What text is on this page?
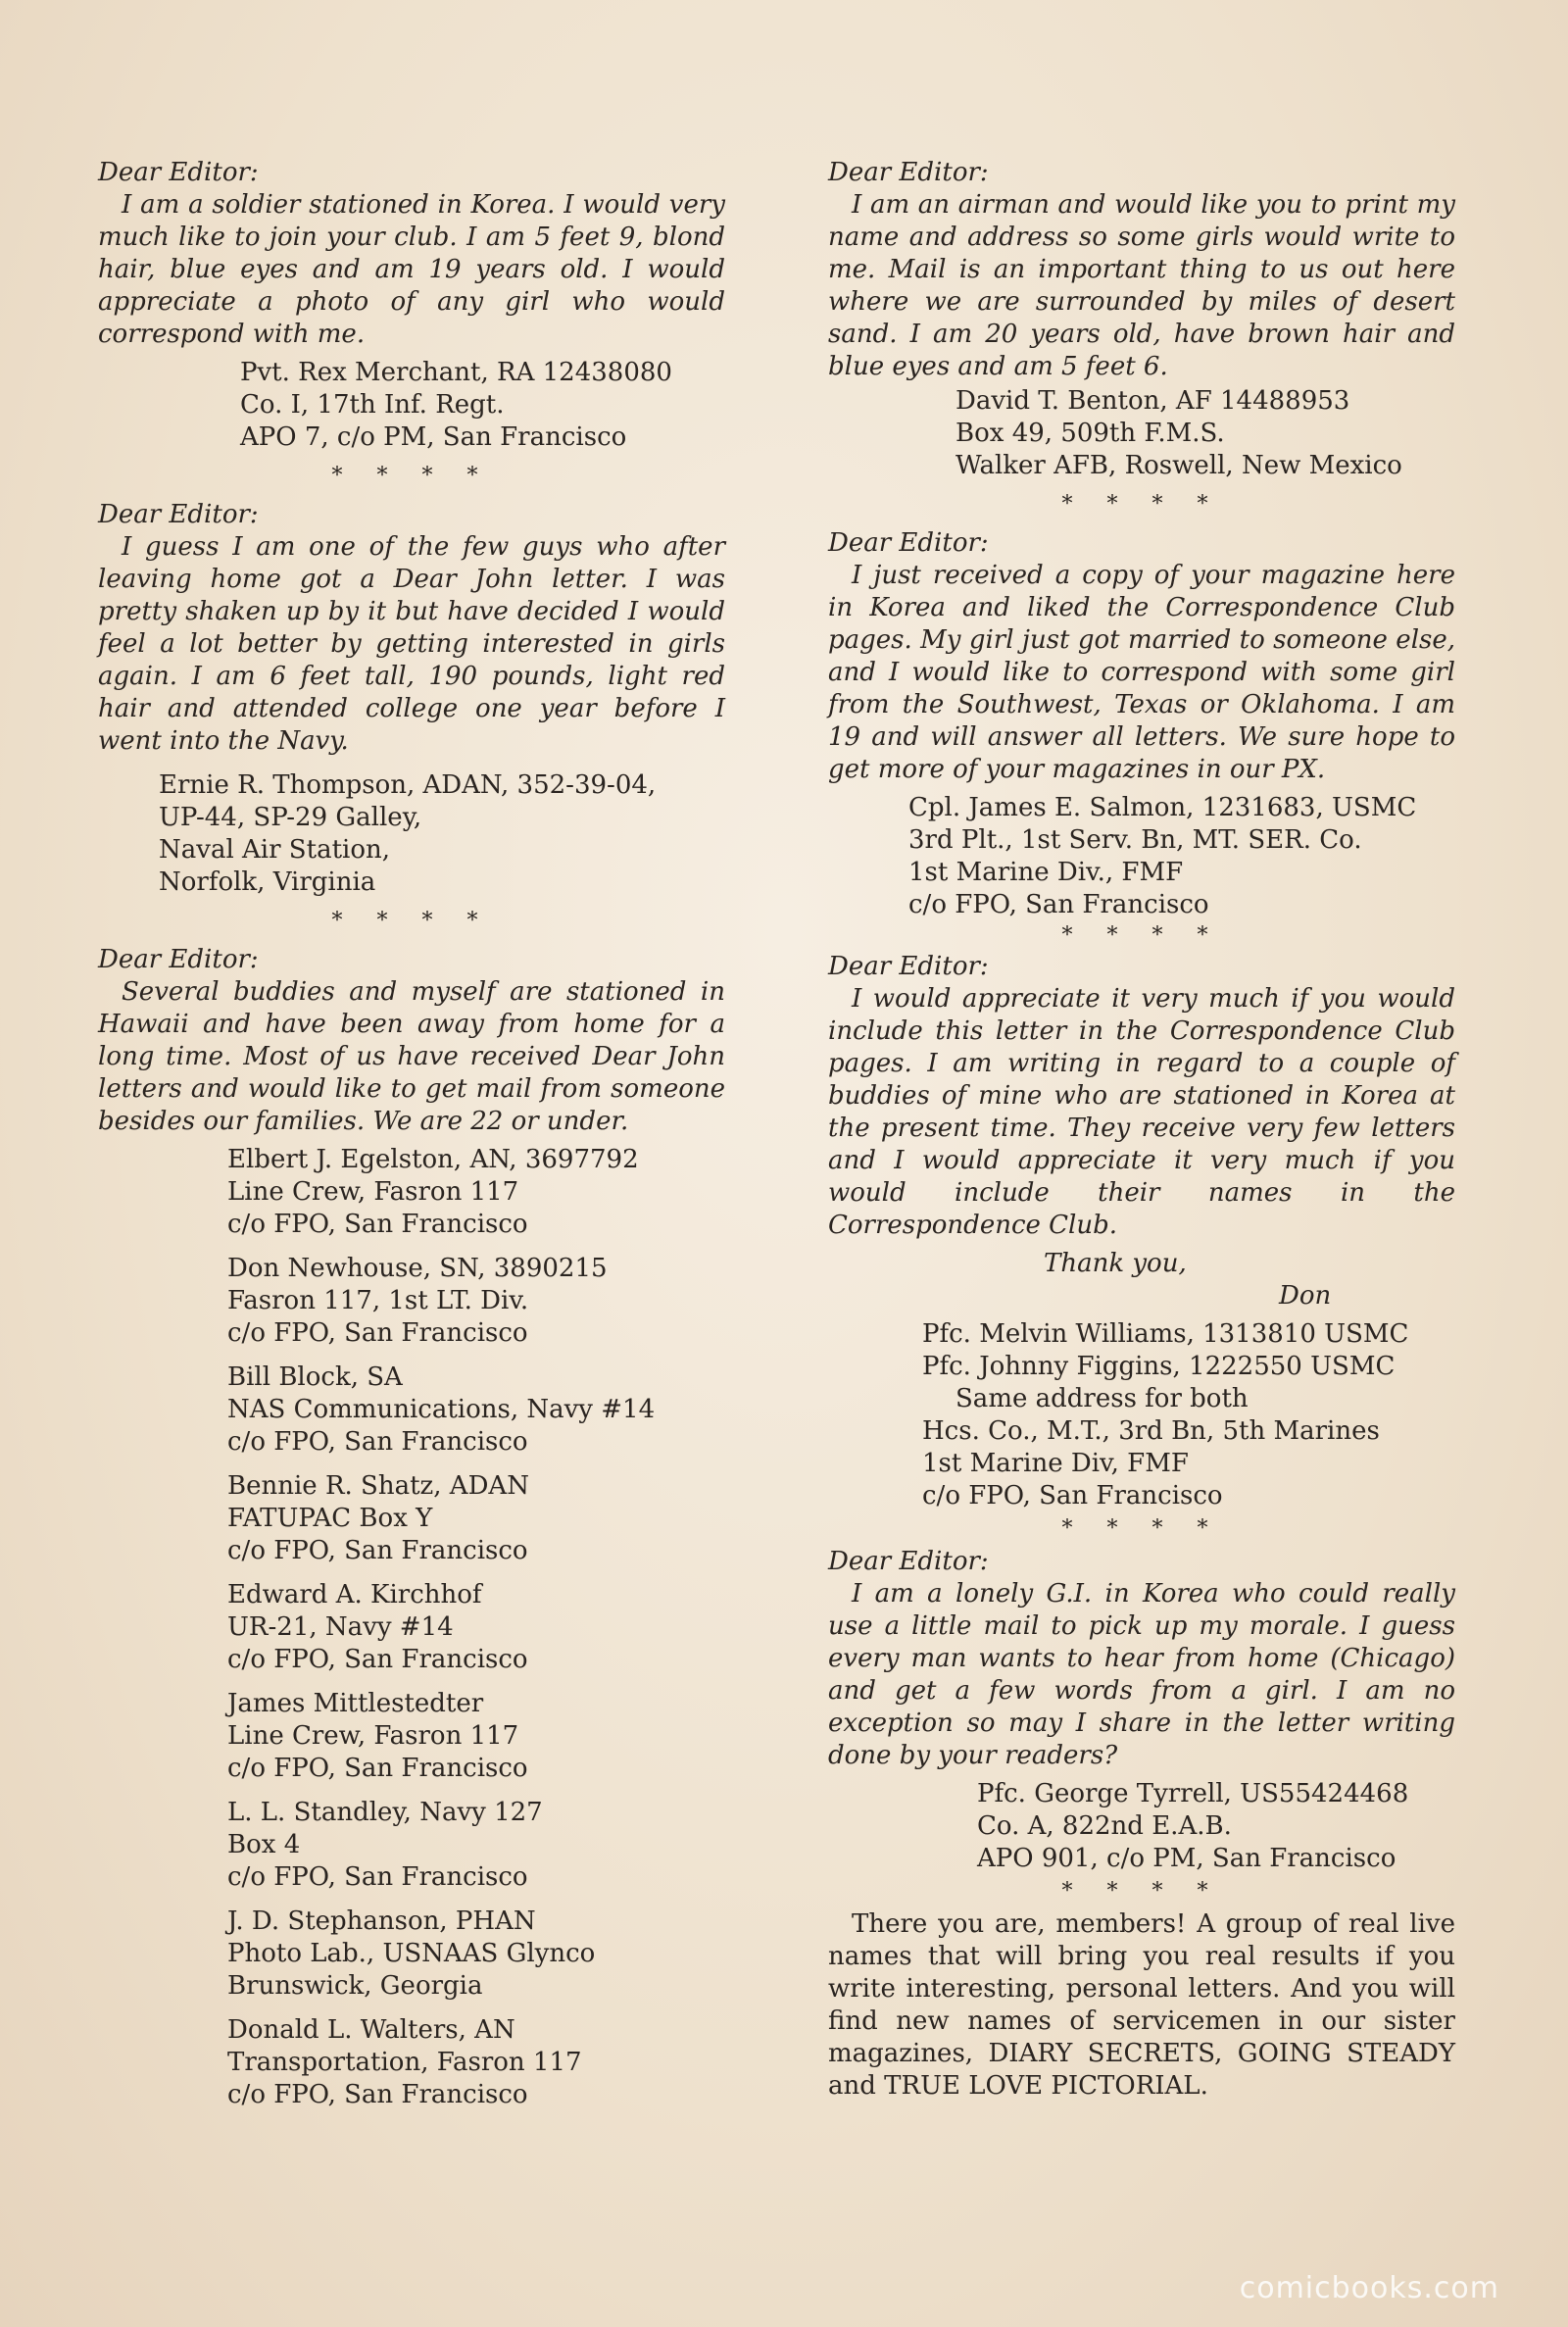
Dear Editor:

I am a soldier stationed in Korea. I would very much like to join your club. I am 5 feet 9, blond hair, blue eyes and am 19 years old. I would appreciate a photo of any girl who would correspond with me.

Pvt. Rex Merchant, RA 12438080
Co. I, 17th Inf. Regt.
APO 7, c/o PM, San Francisco
* * * *

Dear Editor:

I guess I am one of the few guys who after leaving home got a Dear John letter. I was pretty shaken up by it but have decided I would feel a lot better by getting interested in girls again. I am 6 feet tall, 190 pounds, light red hair and attended college one year before I went into the Navy.

Ernie R. Thompson, ADAN, 352-39-04,
UP-44, SP-29 Galley,
Naval Air Station,
Norfolk, Virginia
* * * *

Dear Editor:

Several buddies and myself are stationed in Hawaii and have been away from home for a long time. Most of us have received Dear John letters and would like to get mail from someone besides our families. We are 22 or under.

Elbert J. Egelston, AN, 3697792
Line Crew, Fasron 117
c/o FPO, San Francisco
Don Newhouse, SN, 3890215
Fasron 117, 1st LT. Div.
c/o FPO, San Francisco
Bill Block, SA
NAS Communications, Navy #14
c/o FPO, San Francisco
Bennie R. Shatz, ADAN
FATUPAC Box Y
c/o FPO, San Francisco
Edward A. Kirchhof
UR-21, Navy #14
c/o FPO, San Francisco
James Mittlestedter
Line Crew, Fasron 117
c/o FPO, San Francisco
L. L. Standley, Navy 127
Box 4
c/o FPO, San Francisco
J. D. Stephanson, PHAN
Photo Lab., USNAAS Glynco
Brunswick, Georgia
Donald L. Walters, AN
Transportation, Fasron 117
c/o FPO, San Francisco

Dear Editor:

I am an airman and would like you to print my name and address so some girls would write to me. Mail is an important thing to us out here where we are surrounded by miles of desert sand. I am 20 years old, have brown hair and blue eyes and am 5 feet 6.

David T. Benton, AF 14488953
Box 49, 509th F.M.S.
Walker AFB, Roswell, New Mexico
* * * *

Dear Editor:

I just received a copy of your magazine here in Korea and liked the Correspondence Club pages. My girl just got married to someone else, and I would like to correspond with some girl from the Southwest, Texas or Oklahoma. I am 19 and will answer all letters. We sure hope to get more of your magazines in our PX.

Cpl. James E. Salmon, 1231683, USMC
3rd Plt., 1st Serv. Bn, MT. SER. Co.
1st Marine Div., FMF
c/o FPO, San Francisco
* * * *

Dear Editor:

I would appreciate it very much if you would include this letter in the Correspondence Club pages. I am writing in regard to a couple of buddies of mine who are stationed in Korea at the present time. They receive very few letters and I would appreciate it very much if you would include their names in the Correspondence Club.

Thank you,

Don

Pfc. Melvin Williams, 1313810 USMC
Pfc. Johnny Figgins, 1222550 USMC
Same address for both
Hcs. Co., M.T., 3rd Bn, 5th Marines
1st Marine Div, FMF
c/o FPO, San Francisco
* * * *

Dear Editor:

I am a lonely G.I. in Korea who could really use a little mail to pick up my morale. I guess every man wants to hear from home (Chicago) and get a few words from a girl. I am no exception so may I share in the letter writing done by your readers?

Pfc. George Tyrrell, US55424468
Co. A, 822nd E.A.B.
APO 901, c/o PM, San Francisco
* * * *

There you are, members! A group of real live names that will bring you real results if you write interesting, personal letters. And you will find new names of servicemen in our sister magazines, DIARY SECRETS, GOING STEADY and TRUE LOVE PICTORIAL.

comicbooks.com
